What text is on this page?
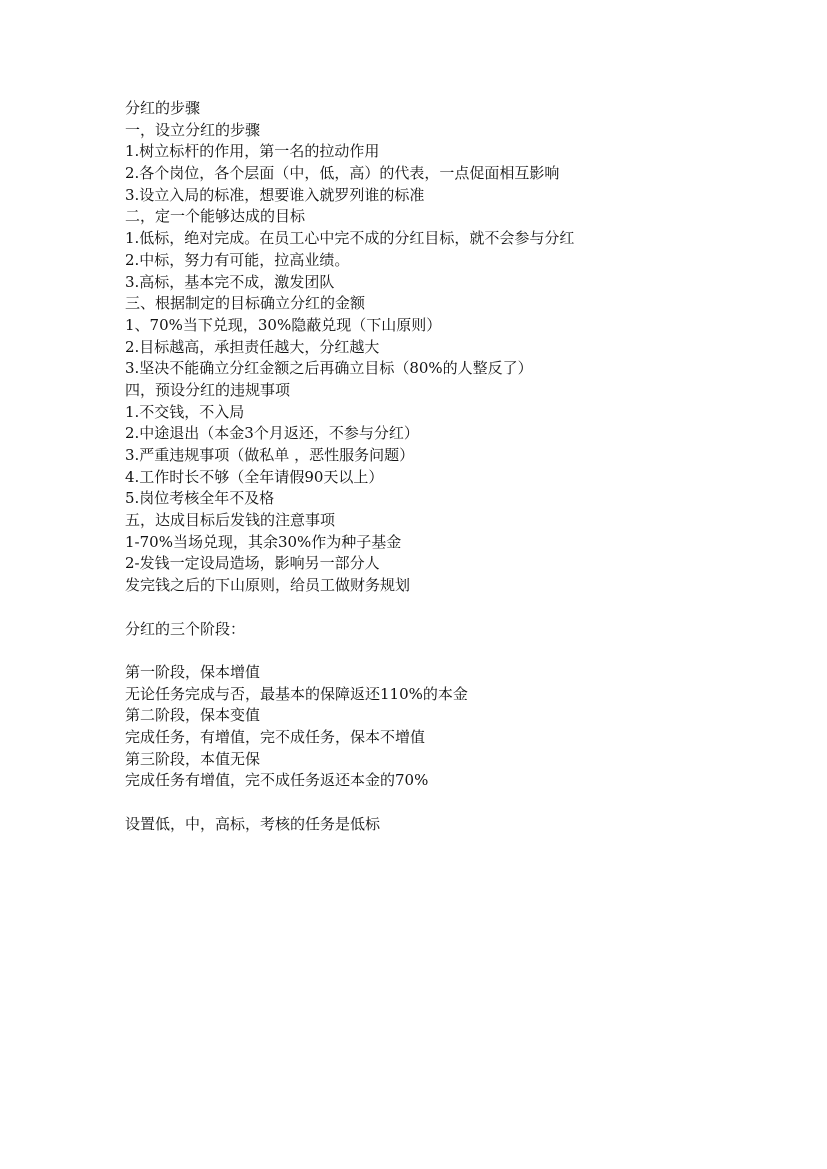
分红的步骤
一，设立分红的步骤
1.树立标杆的作用，第一名的拉动作用
2.各个岗位，各个层面（中，低，高）的代表，一点促面相互影响
3.设立入局的标准，想要谁入就罗列谁的标准
二，定一个能够达成的目标
1.低标，绝对完成。在员工心中完不成的分红目标，就不会参与分红
2.中标，努力有可能，拉高业绩。
3.高标，基本完不成，激发团队
三、根据制定的目标确立分红的金额
1、70%当下兑现，30%隐蔽兑现（下山原则）
2.目标越高，承担责任越大，分红越大
3.坚决不能确立分红金额之后再确立目标（80%的人整反了）
四，预设分红的违规事项
1.不交钱，不入局
2.中途退出（本金3个月返还，不参与分红）
3.严重违规事项（做私单 ，恶性服务问题）
4.工作时长不够（全年请假90天以上）
5.岗位考核全年不及格
五，达成目标后发钱的注意事项
1-70%当场兑现，其余30%作为种子基金
2-发钱一定设局造场，影响另一部分人
发完钱之后的下山原则，给员工做财务规划
分红的三个阶段：
第一阶段，保本增值
无论任务完成与否，最基本的保障返还110%的本金
第二阶段，保本变值
完成任务，有增值，完不成任务，保本不增值
第三阶段，本值无保
完成任务有增值，完不成任务返还本金的70%
设置低，中，高标，考核的任务是低标
